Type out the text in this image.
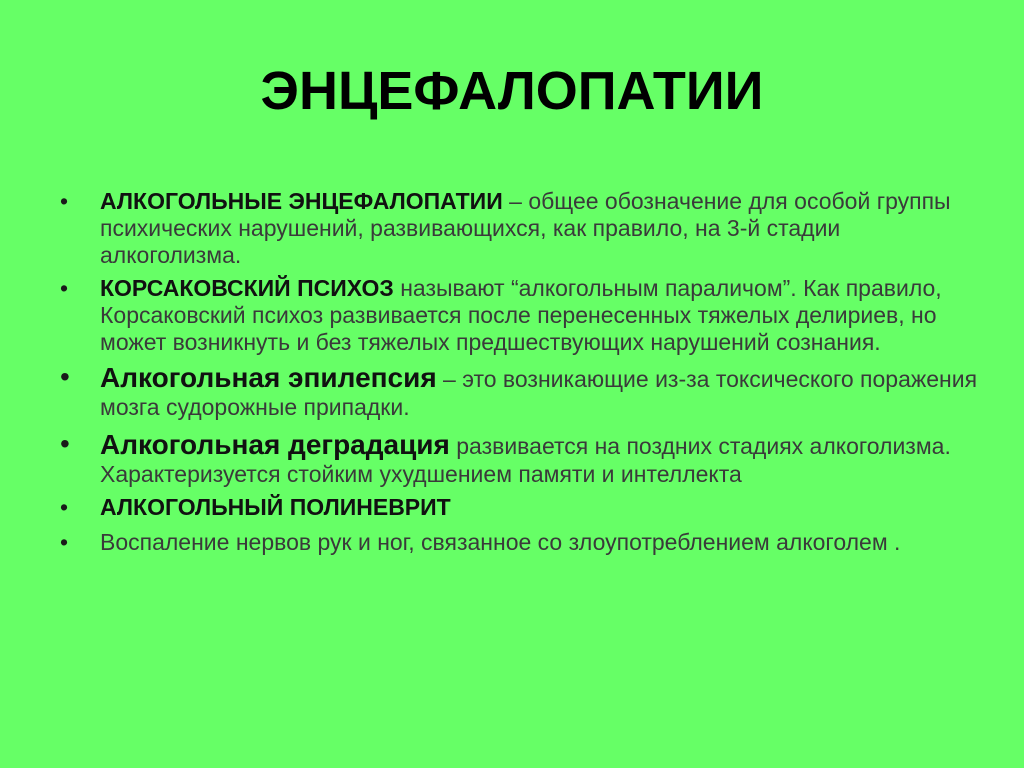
ЭНЦЕФАЛОПАТИИ
• АЛКОГОЛЬНЫЕ ЭНЦЕФАЛОПАТИИ – общее обозначение для особой группы психических нарушений, развивающихся, как правило, на 3-й стадии алкоголизма.
• КОРСАКОВСКИЙ ПСИХОЗ называют “алкогольным параличом”. Как правило, Корсаковский психоз развивается после перенесенных тяжелых делириев, но может возникнуть и без тяжелых предшествующих нарушений сознания.
• Алкогольная эпилепсия – это возникающие из-за токсического поражения мозга судорожные припадки.
• Алкогольная деградация развивается на поздних стадиях алкоголизма. Характеризуется стойким ухудшением памяти и интеллекта
• АЛКОГОЛЬНЫЙ ПОЛИНЕВРИТ
• Воспаление нервов рук и ног, связанное со злоупотреблением алкоголем .
